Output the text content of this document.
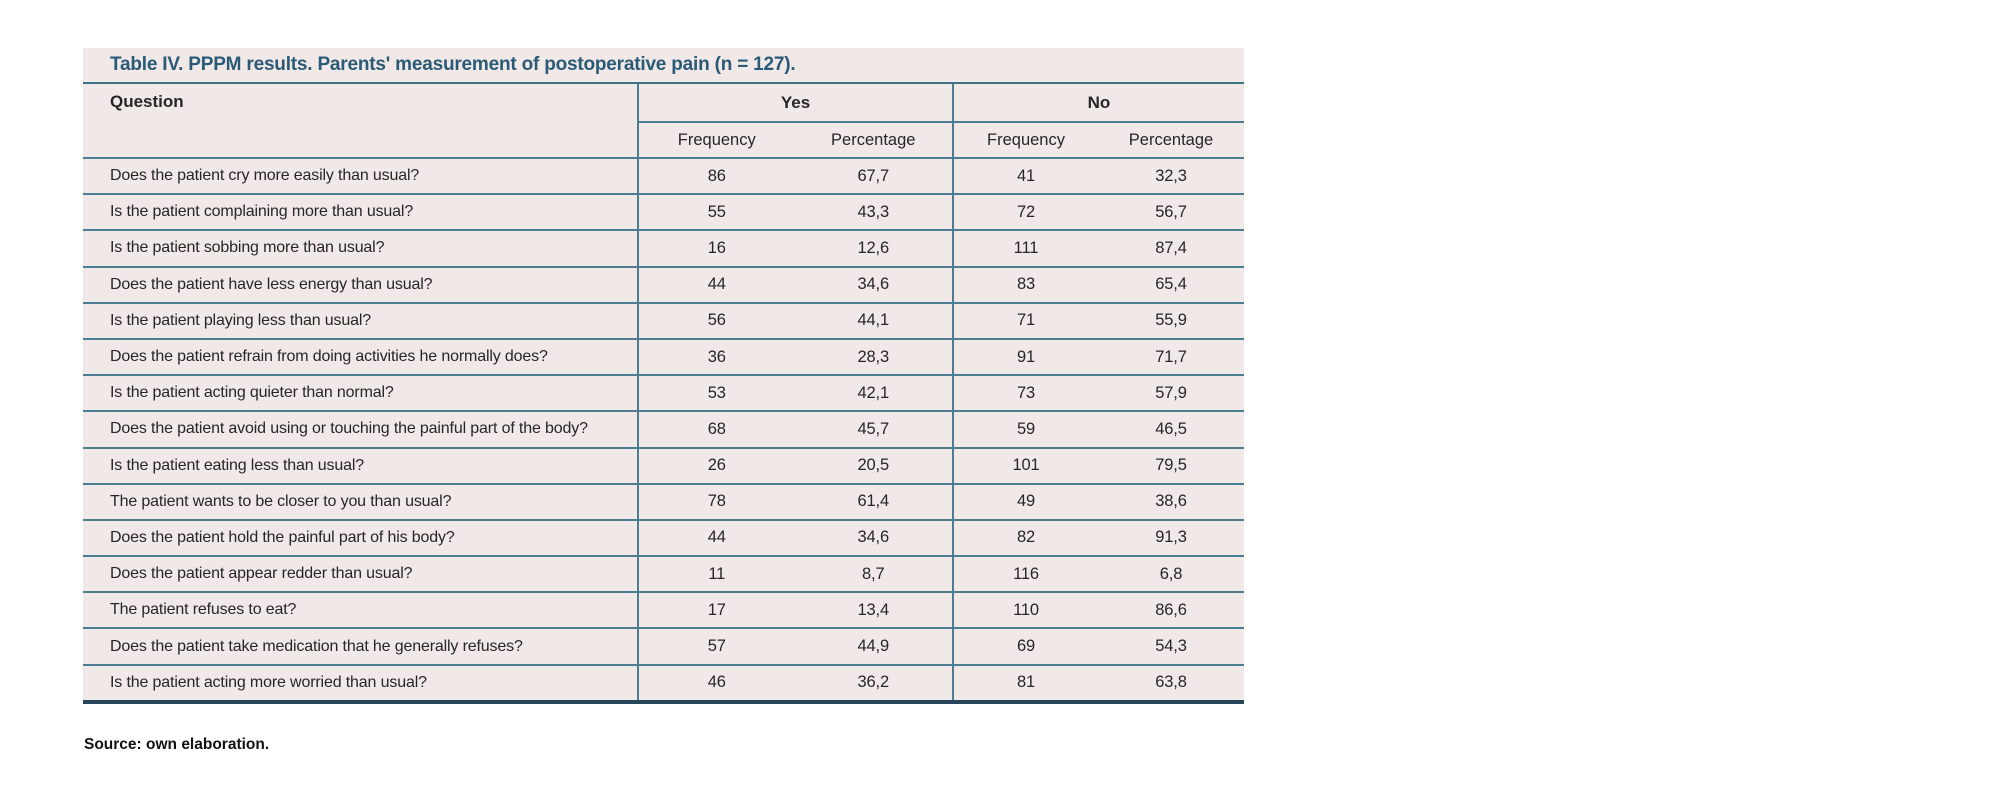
Table IV. PPPM results. Parents' measurement of postoperative pain (n = 127).
Question	Yes	No
Frequency	Percentage	Frequency	Percentage
Does the patient cry more easily than usual?	86	67,7	41	32,3
Is the patient complaining more than usual?	55	43,3	72	56,7
Is the patient sobbing more than usual?	16	12,6	111	87,4
Does the patient have less energy than usual?	44	34,6	83	65,4
Is the patient playing less than usual?	56	44,1	71	55,9
Does the patient refrain from doing activities he normally does?	36	28,3	91	71,7
Is the patient acting quieter than normal?	53	42,1	73	57,9
Does the patient avoid using or touching the painful part of the body?	68	45,7	59	46,5
Is the patient eating less than usual?	26	20,5	101	79,5
The patient wants to be closer to you than usual?	78	61,4	49	38,6
Does the patient hold the painful part of his body?	44	34,6	82	91,3
Does the patient appear redder than usual?	11	8,7	116	6,8
The patient refuses to eat?	17	13,4	110	86,6
Does the patient take medication that he generally refuses?	57	44,9	69	54,3
Is the patient acting more worried than usual?	46	36,2	81	63,8
Source: own elaboration.
